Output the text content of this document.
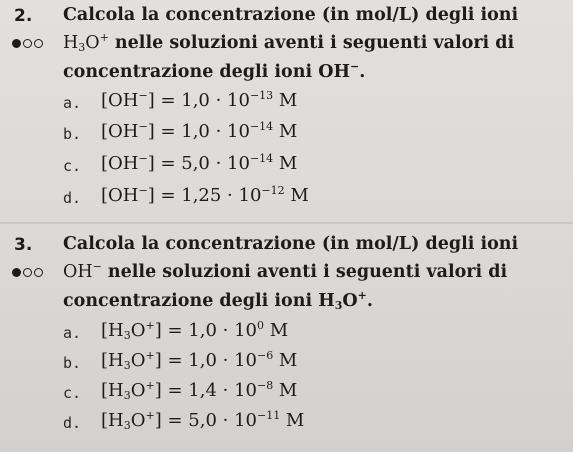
2. Calcola la concentrazione (in mol/L) degli ioni
$H_3O^+$ nelle soluzioni aventi i seguenti valori di
concentrazione degli ioni OH−.
a. $[OH^-] = 1,0 \cdot 10^{-13}$ M
b. $[OH^-] = 1,0 \cdot 10^{-14}$ M
c. $[OH^-] = 5,0 \cdot 10^{-14}$ M
d. $[OH^-] = 1,25 \cdot 10^{-12}$ M
3. Calcola la concentrazione (in mol/L) degli ioni
OH− nelle soluzioni aventi i seguenti valori di
concentrazione degli ioni $H_3O^+$.
a. $[H_3O^+] = 1,0 \cdot 10^0$ M
b. $[H_3O^+] = 1,0 \cdot 10^{-6}$ M
c. $[H_3O^+] = 1,4 \cdot 10^{-8}$ M
d. $[H_3O^+] = 5,0 \cdot 10^{-11}$ M
